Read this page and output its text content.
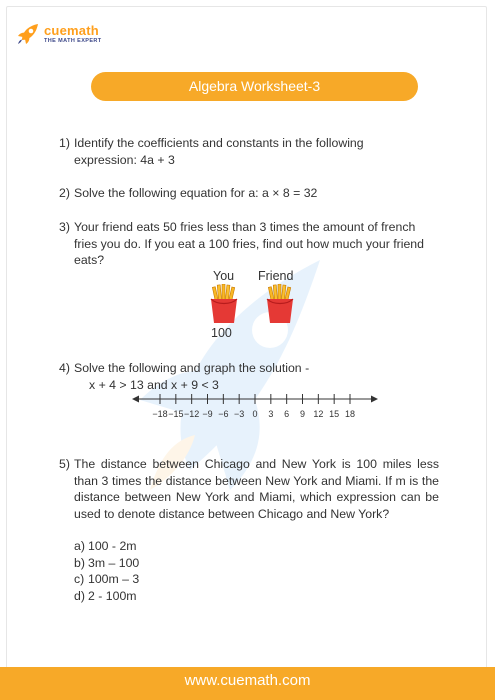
cuemath
THE MATH EXPERT
Algebra Worksheet-3
1) Identify the coefficients and constants in the following expression: 4a + 3
2) Solve the following equation for a: a × 8 = 32
3) Your friend eats 50 fries less than 3 times the amount of french fries you do. If you eat a 100 fries, find out how much your friend eats?
You Friend
100
4) Solve the following and graph the solution -
x + 4 > 13 and x + 9 < 3
−18 −15 −12 −9 −6 −3 0 3 6 9 12 15 18
5) The distance between Chicago and New York is 100 miles less than 3 times the distance between New York and Miami. If m is the distance between New York and Miami, which expression can be used to denote distance between Chicago and New York?
a) 100 - 2m
b) 3m – 100
c) 100m – 3
d) 2 - 100m
www.cuemath.com
